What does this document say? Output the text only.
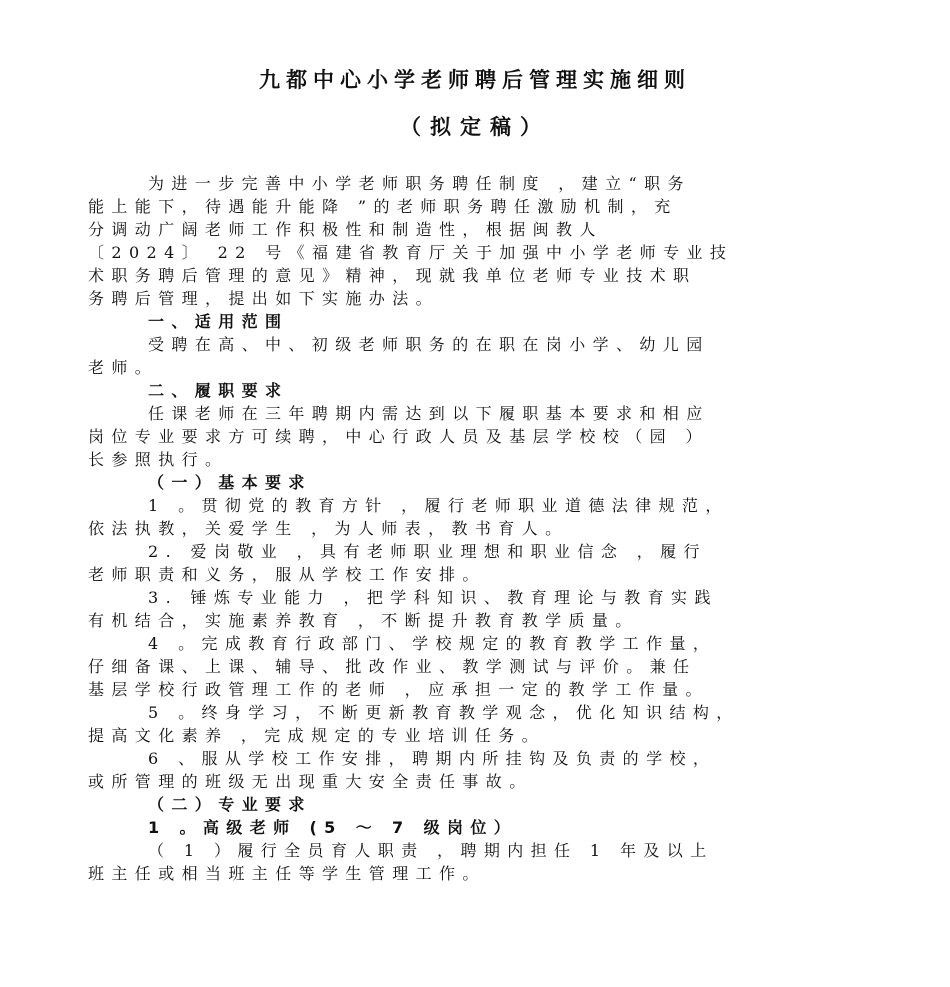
九都中心小学老师聘后管理实施细则
（拟定稿）
为进一步完善中小学老师职务聘任制度 ，建立“职务
能上能下，待遇能升能降 ”的老师职务聘任激励机制，充
分调动广阔老师工作积极性和制造性，根据闽教人
〔2024〕 22 号《福建省教育厅关于加强中小学老师专业技
术职务聘后管理的意见》精神，现就我单位老师专业技术职
务聘后管理，提出如下实施办法。
一、适用范围
受聘在高、中、初级老师职务的在职在岗小学、幼儿园
老师。
二、履职要求
任课老师在三年聘期内需达到以下履职基本要求和相应
岗位专业要求方可续聘，中心行政人员及基层学校校（园 ）
长参照执行。
（一）基本要求
1 。贯彻党的教育方针 ，履行老师职业道德法律规范，
依法执教，关爱学生 ，为人师表，教书育人。
2. 爱岗敬业 ，具有老师职业理想和职业信念 ，履行
老师职责和义务，服从学校工作安排。
3. 锤炼专业能力 ，把学科知识、教育理论与教育实践
有机结合，实施素养教育 ，不断提升教育教学质量。
4 。完成教育行政部门、学校规定的教育教学工作量，
仔细备课、上课、辅导、批改作业、教学测试与评价。兼任
基层学校行政管理工作的老师 ，应承担一定的教学工作量。
5 。终身学习，不断更新教育教学观念，优化知识结构，
提高文化素养 ，完成规定的专业培训任务。
6 、服从学校工作安排，聘期内所挂钩及负责的学校，
或所管理的班级无出现重大安全责任事故。
（二）专业要求
1 。高级老师 (5 ～ 7 级岗位）
（ 1 ）履行全员育人职责 ，聘期内担任 1 年及以上
班主任或相当班主任等学生管理工作。
